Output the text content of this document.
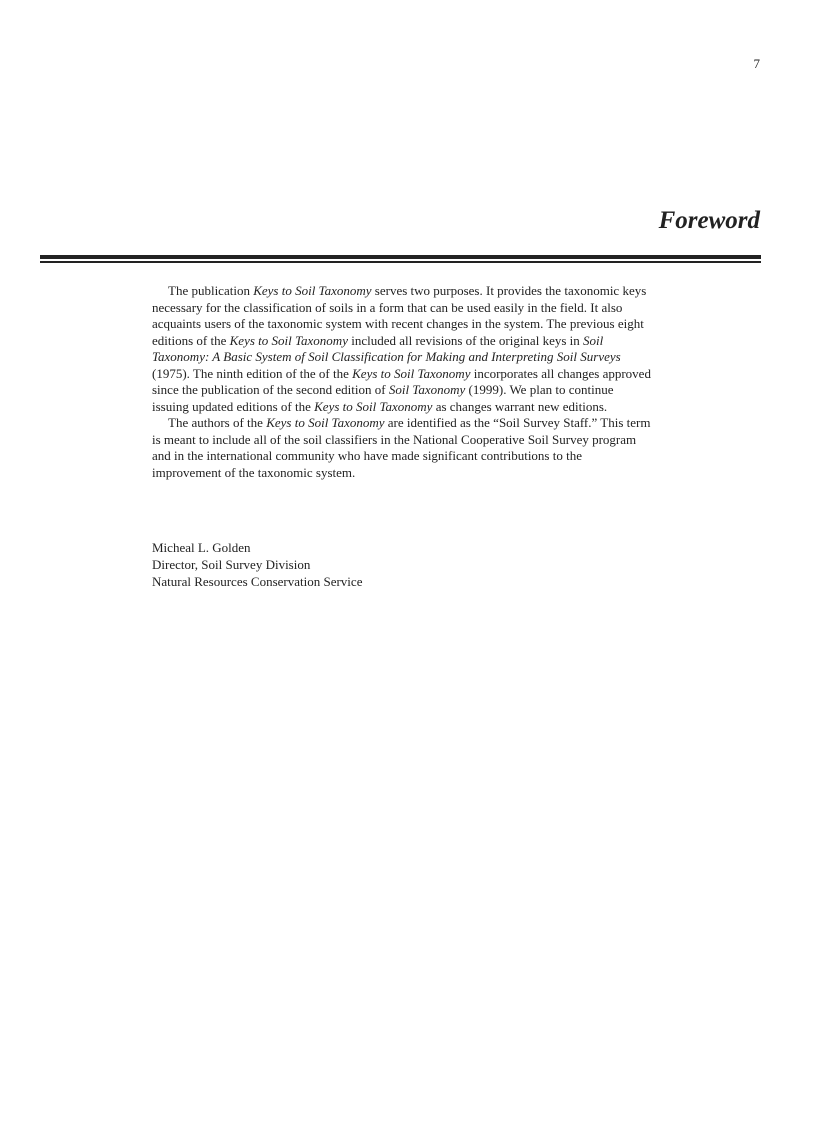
7
Foreword

The publication Keys to Soil Taxonomy serves two purposes. It provides the taxonomic keys necessary for the classification of soils in a form that can be used easily in the field. It also acquaints users of the taxonomic system with recent changes in the system. The previous eight editions of the Keys to Soil Taxonomy included all revisions of the original keys in Soil Taxonomy: A Basic System of Soil Classification for Making and Interpreting Soil Surveys (1975). The ninth edition of the of the Keys to Soil Taxonomy incorporates all changes approved since the publication of the second edition of Soil Taxonomy (1999). We plan to continue issuing updated editions of the Keys to Soil Taxonomy as changes warrant new editions.

The authors of the Keys to Soil Taxonomy are identified as the “Soil Survey Staff.” This term is meant to include all of the soil classifiers in the National Cooperative Soil Survey program and in the international community who have made significant contributions to the improvement of the taxonomic system.

Micheal L. Golden
Director, Soil Survey Division
Natural Resources Conservation Service
